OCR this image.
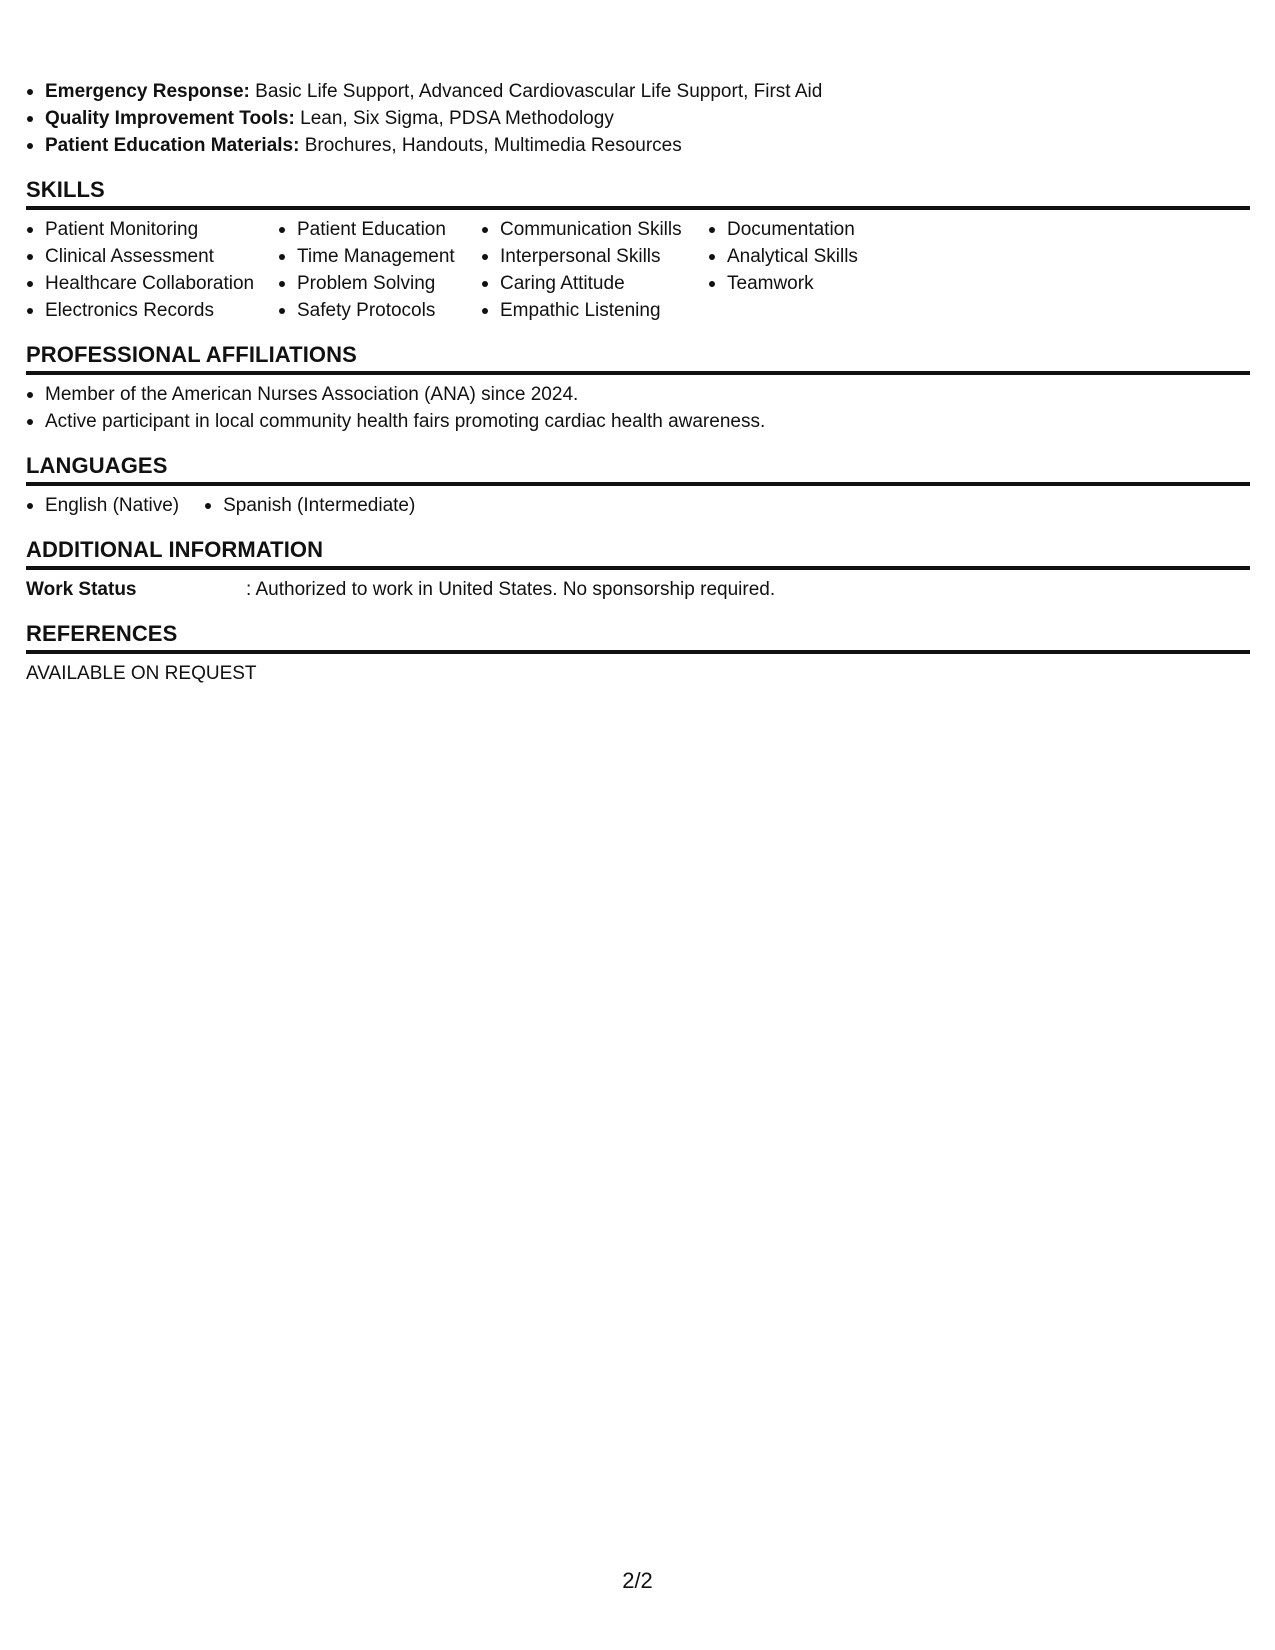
Emergency Response: Basic Life Support, Advanced Cardiovascular Life Support, First Aid
Quality Improvement Tools: Lean, Six Sigma, PDSA Methodology
Patient Education Materials: Brochures, Handouts, Multimedia Resources
SKILLS
Patient Monitoring
Clinical Assessment
Healthcare Collaboration
Electronics Records
Patient Education
Time Management
Problem Solving
Safety Protocols
Communication Skills
Interpersonal Skills
Caring Attitude
Empathic Listening
Documentation
Analytical Skills
Teamwork
PROFESSIONAL AFFILIATIONS
Member of the American Nurses Association (ANA) since 2024.
Active participant in local community health fairs promoting cardiac health awareness.
LANGUAGES
English (Native)	Spanish (Intermediate)
ADDITIONAL INFORMATION
Work Status	: Authorized to work in United States. No sponsorship required.
REFERENCES
AVAILABLE ON REQUEST
2/2
